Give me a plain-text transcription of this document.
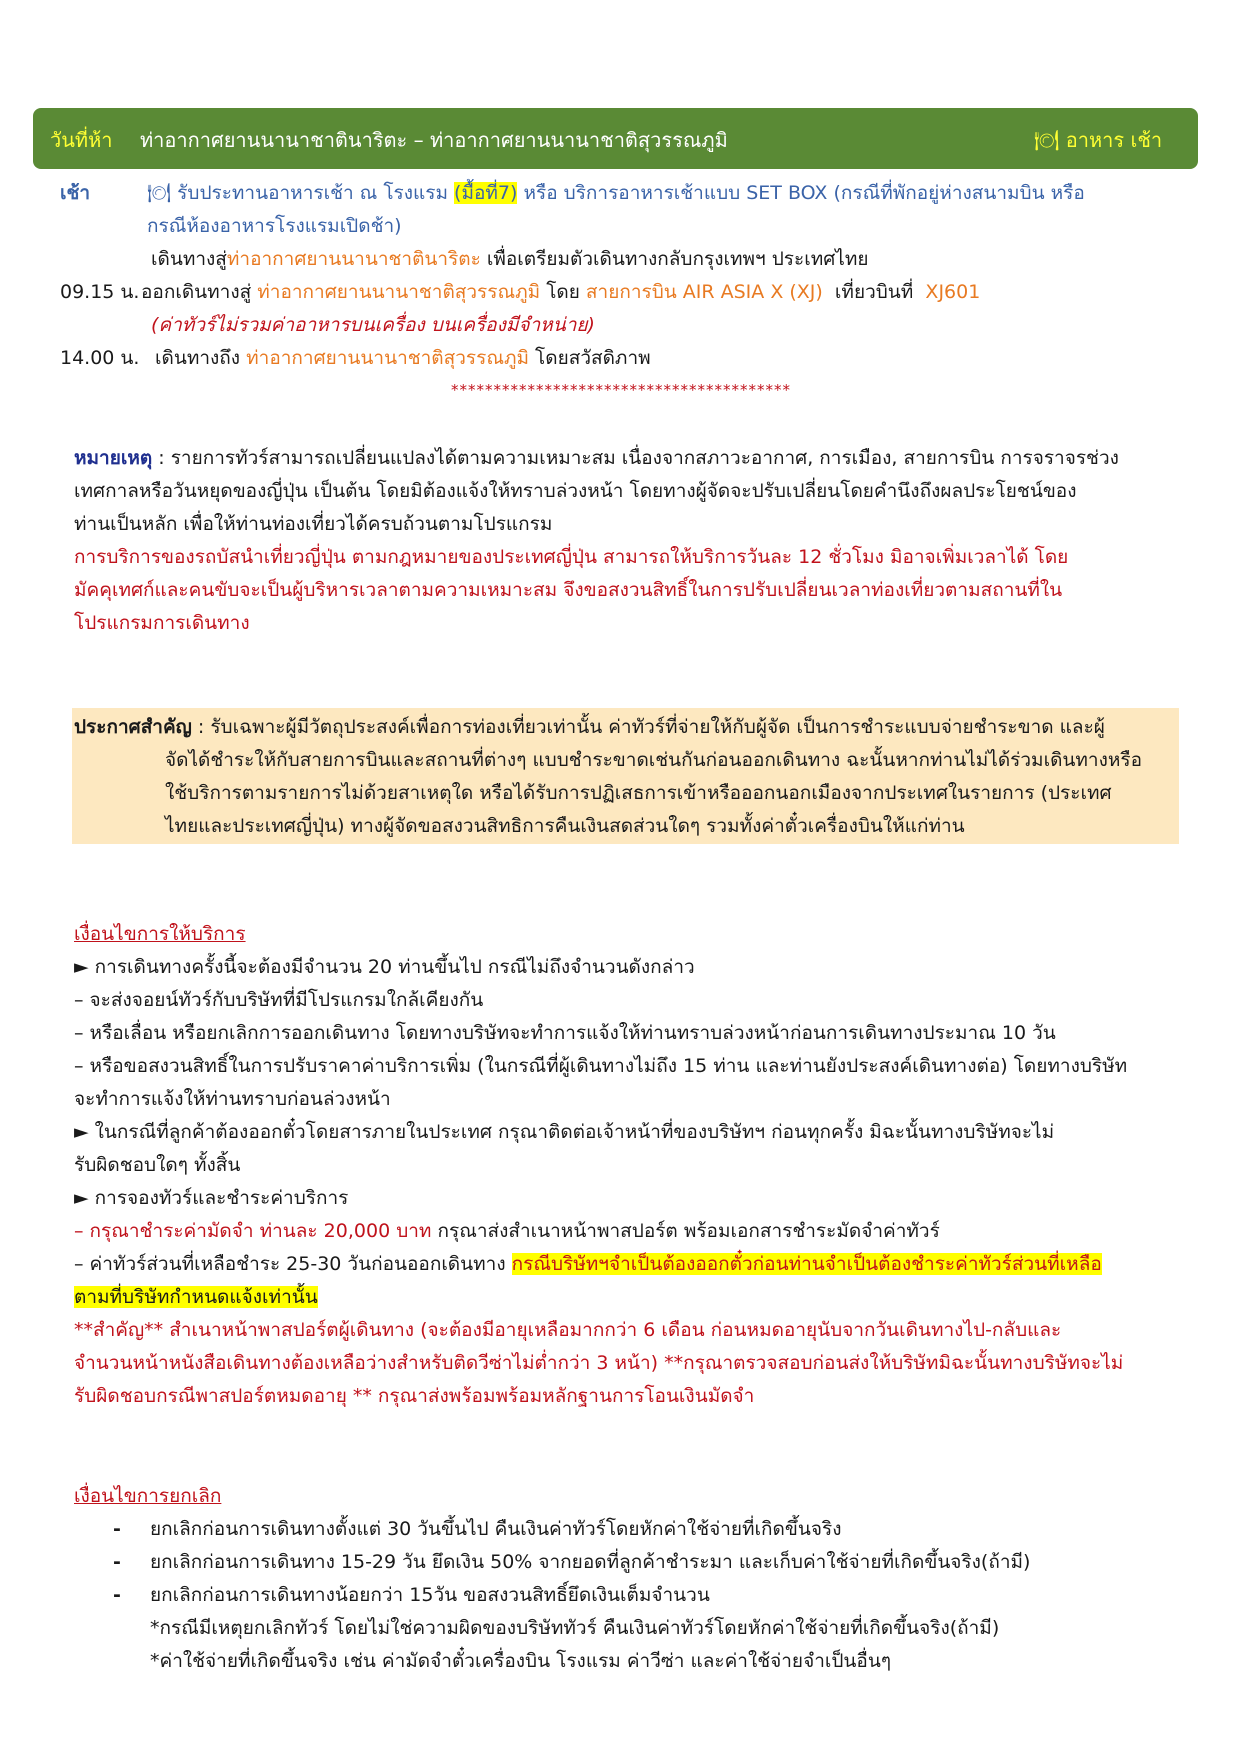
วันที่ห้า ท่าอากาศยานนานาชาตินาริตะ – ท่าอากาศยานนานาชาติสุวรรณภูมิ	🍽 อาหาร เช้า
เช้า	🍽 รับประทานอาหารเช้า ณ โรงแรม (มื้อที่7) หรือ บริการอาหารเช้าแบบ SET BOX (กรณีที่พักอยู่ห่างสนามบิน หรือ
กรณีห้องอาหารโรงแรมเปิดช้า)
เดินทางสู่ท่าอากาศยานนานาชาตินาริตะ เพื่อเตรียมตัวเดินทางกลับกรุงเทพฯ ประเทศไทย
09.15 น. ออกเดินทางสู่ ท่าอากาศยานนานาชาติสุวรรณภูมิ โดย สายการบิน AIR ASIA X (XJ) เที่ยวบินที่ XJ601
(ค่าทัวร์ไม่รวมค่าอาหารบนเครื่อง บนเครื่องมีจำหน่าย)
14.00 น. เดินทางถึง ท่าอากาศยานนานาชาติสุวรรณภูมิ โดยสวัสดิภาพ
****************************************
หมายเหตุ : รายการทัวร์สามารถเปลี่ยนแปลงได้ตามความเหมาะสม เนื่องจากสภาวะอากาศ, การเมือง, สายการบิน การจราจรช่วง
เทศกาลหรือวันหยุดของญี่ปุ่น เป็นต้น โดยมิต้องแจ้งให้ทราบล่วงหน้า โดยทางผู้จัดจะปรับเปลี่ยนโดยคำนึงถึงผลประโยชน์ของ
ท่านเป็นหลัก เพื่อให้ท่านท่องเที่ยวได้ครบถ้วนตามโปรแกรม
การบริการของรถบัสนำเที่ยวญี่ปุ่น ตามกฎหมายของประเทศญี่ปุ่น สามารถให้บริการวันละ 12 ชั่วโมง มิอาจเพิ่มเวลาได้ โดย
มัคคุเทศก์และคนขับจะเป็นผู้บริหารเวลาตามความเหมาะสม จึงขอสงวนสิทธิ์ในการปรับเปลี่ยนเวลาท่องเที่ยวตามสถานที่ใน
โปรแกรมการเดินทาง
ประกาศสำคัญ : รับเฉพาะผู้มีวัตถุประสงค์เพื่อการท่องเที่ยวเท่านั้น ค่าทัวร์ที่จ่ายให้กับผู้จัด เป็นการชำระแบบจ่ายชำระขาด และผู้
จัดได้ชำระให้กับสายการบินและสถานที่ต่างๆ แบบชำระขาดเช่นกันก่อนออกเดินทาง ฉะนั้นหากท่านไม่ได้ร่วมเดินทางหรือ
ใช้บริการตามรายการไม่ด้วยสาเหตุใด หรือได้รับการปฏิเสธการเข้าหรือออกนอกเมืองจากประเทศในรายการ (ประเทศ
ไทยและประเทศญี่ปุ่น) ทางผู้จัดขอสงวนสิทธิการคืนเงินสดส่วนใดๆ รวมทั้งค่าตั๋วเครื่องบินให้แก่ท่าน
เงื่อนไขการให้บริการ
► การเดินทางครั้งนี้จะต้องมีจำนวน 20 ท่านขึ้นไป กรณีไม่ถึงจำนวนดังกล่าว
– จะส่งจอยน์ทัวร์กับบริษัทที่มีโปรแกรมใกล้เคียงกัน
– หรือเลื่อน หรือยกเลิกการออกเดินทาง โดยทางบริษัทจะทำการแจ้งให้ท่านทราบล่วงหน้าก่อนการเดินทางประมาณ 10 วัน
– หรือขอสงวนสิทธิ์ในการปรับราคาค่าบริการเพิ่ม (ในกรณีที่ผู้เดินทางไม่ถึง 15 ท่าน และท่านยังประสงค์เดินทางต่อ) โดยทางบริษัท
จะทำการแจ้งให้ท่านทราบก่อนล่วงหน้า
► ในกรณีที่ลูกค้าต้องออกตั๋วโดยสารภายในประเทศ กรุณาติดต่อเจ้าหน้าที่ของบริษัทฯ ก่อนทุกครั้ง มิฉะนั้นทางบริษัทจะไม่
รับผิดชอบใดๆ ทั้งสิ้น
► การจองทัวร์และชำระค่าบริการ
– กรุณาชำระค่ามัดจำ ท่านละ 20,000 บาท กรุณาส่งสำเนาหน้าพาสปอร์ต พร้อมเอกสารชำระมัดจำค่าทัวร์
– ค่าทัวร์ส่วนที่เหลือชำระ 25-30 วันก่อนออกเดินทาง กรณีบริษัทฯจำเป็นต้องออกตั๋วก่อนท่านจำเป็นต้องชำระค่าทัวร์ส่วนที่เหลือ
ตามที่บริษัทกำหนดแจ้งเท่านั้น
**สำคัญ** สำเนาหน้าพาสปอร์ตผู้เดินทาง (จะต้องมีอายุเหลือมากกว่า 6 เดือน ก่อนหมดอายุนับจากวันเดินทางไป-กลับและ
จำนวนหน้าหนังสือเดินทางต้องเหลือว่างสำหรับติดวีซ่าไม่ต่ำกว่า 3 หน้า) **กรุณาตรวจสอบก่อนส่งให้บริษัทมิฉะนั้นทางบริษัทจะไม่
รับผิดชอบกรณีพาสปอร์ตหมดอายุ ** กรุณาส่งพร้อมพร้อมหลักฐานการโอนเงินมัดจำ
เงื่อนไขการยกเลิก
- ยกเลิกก่อนการเดินทางตั้งแต่ 30 วันขึ้นไป คืนเงินค่าทัวร์โดยหักค่าใช้จ่ายที่เกิดขึ้นจริง
- ยกเลิกก่อนการเดินทาง 15-29 วัน ยึดเงิน 50% จากยอดที่ลูกค้าชำระมา และเก็บค่าใช้จ่ายที่เกิดขึ้นจริง(ถ้ามี)
- ยกเลิกก่อนการเดินทางน้อยกว่า 15วัน ขอสงวนสิทธิ์ยึดเงินเต็มจำนวน
*กรณีมีเหตุยกเลิกทัวร์ โดยไม่ใช่ความผิดของบริษัททัวร์ คืนเงินค่าทัวร์โดยหักค่าใช้จ่ายที่เกิดขึ้นจริง(ถ้ามี)
*ค่าใช้จ่ายที่เกิดขึ้นจริง เช่น ค่ามัดจำตั๋วเครื่องบิน โรงแรม ค่าวีซ่า และค่าใช้จ่ายจำเป็นอื่นๆ
